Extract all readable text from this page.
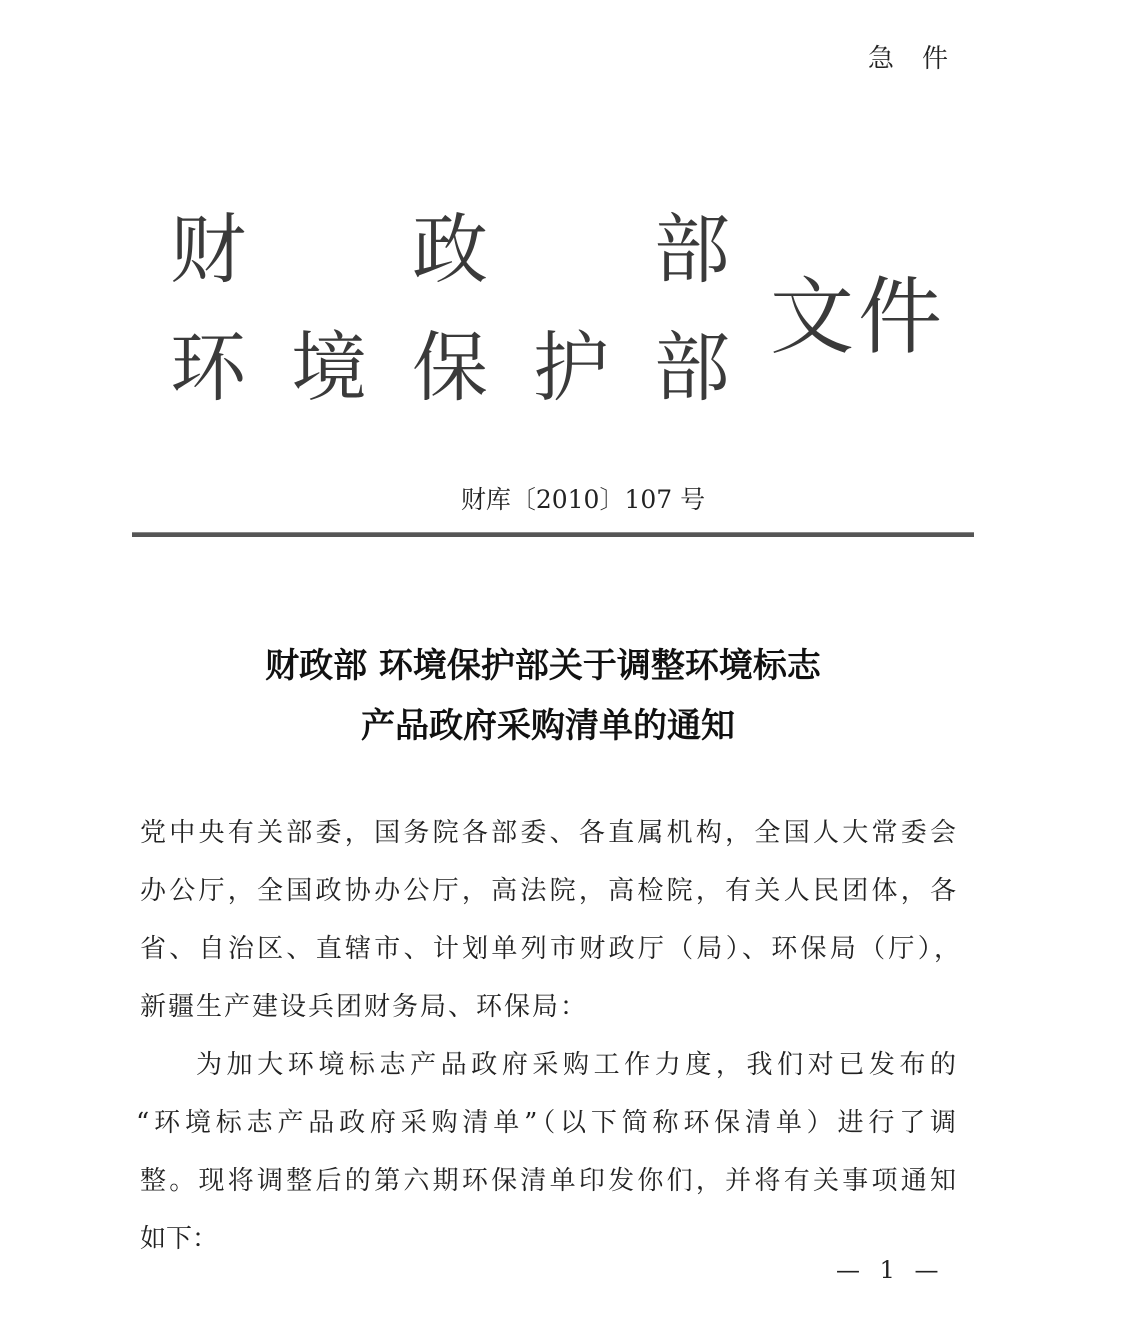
急件
财 政 部
环 境 保 护 部
文件
财库〔2010〕107 号
财政部 环境保护部关于调整环境标志
产品政府采购清单的通知
党中央有关部委，国务院各部委、各直属机构，全国人大常委会
办公厅，全国政协办公厅，高法院，高检院，有关人民团体，各
省、自治区、直辖市、计划单列市财政厅（局）、环保局（厅），
新疆生产建设兵团财务局、环保局：
为加大环境标志产品政府采购工作力度，我们对已发布的
“环境标志产品政府采购清单”（以下简称环保清单）进行了调
整。现将调整后的第六期环保清单印发你们，并将有关事项通知
如下：
— 1 —
